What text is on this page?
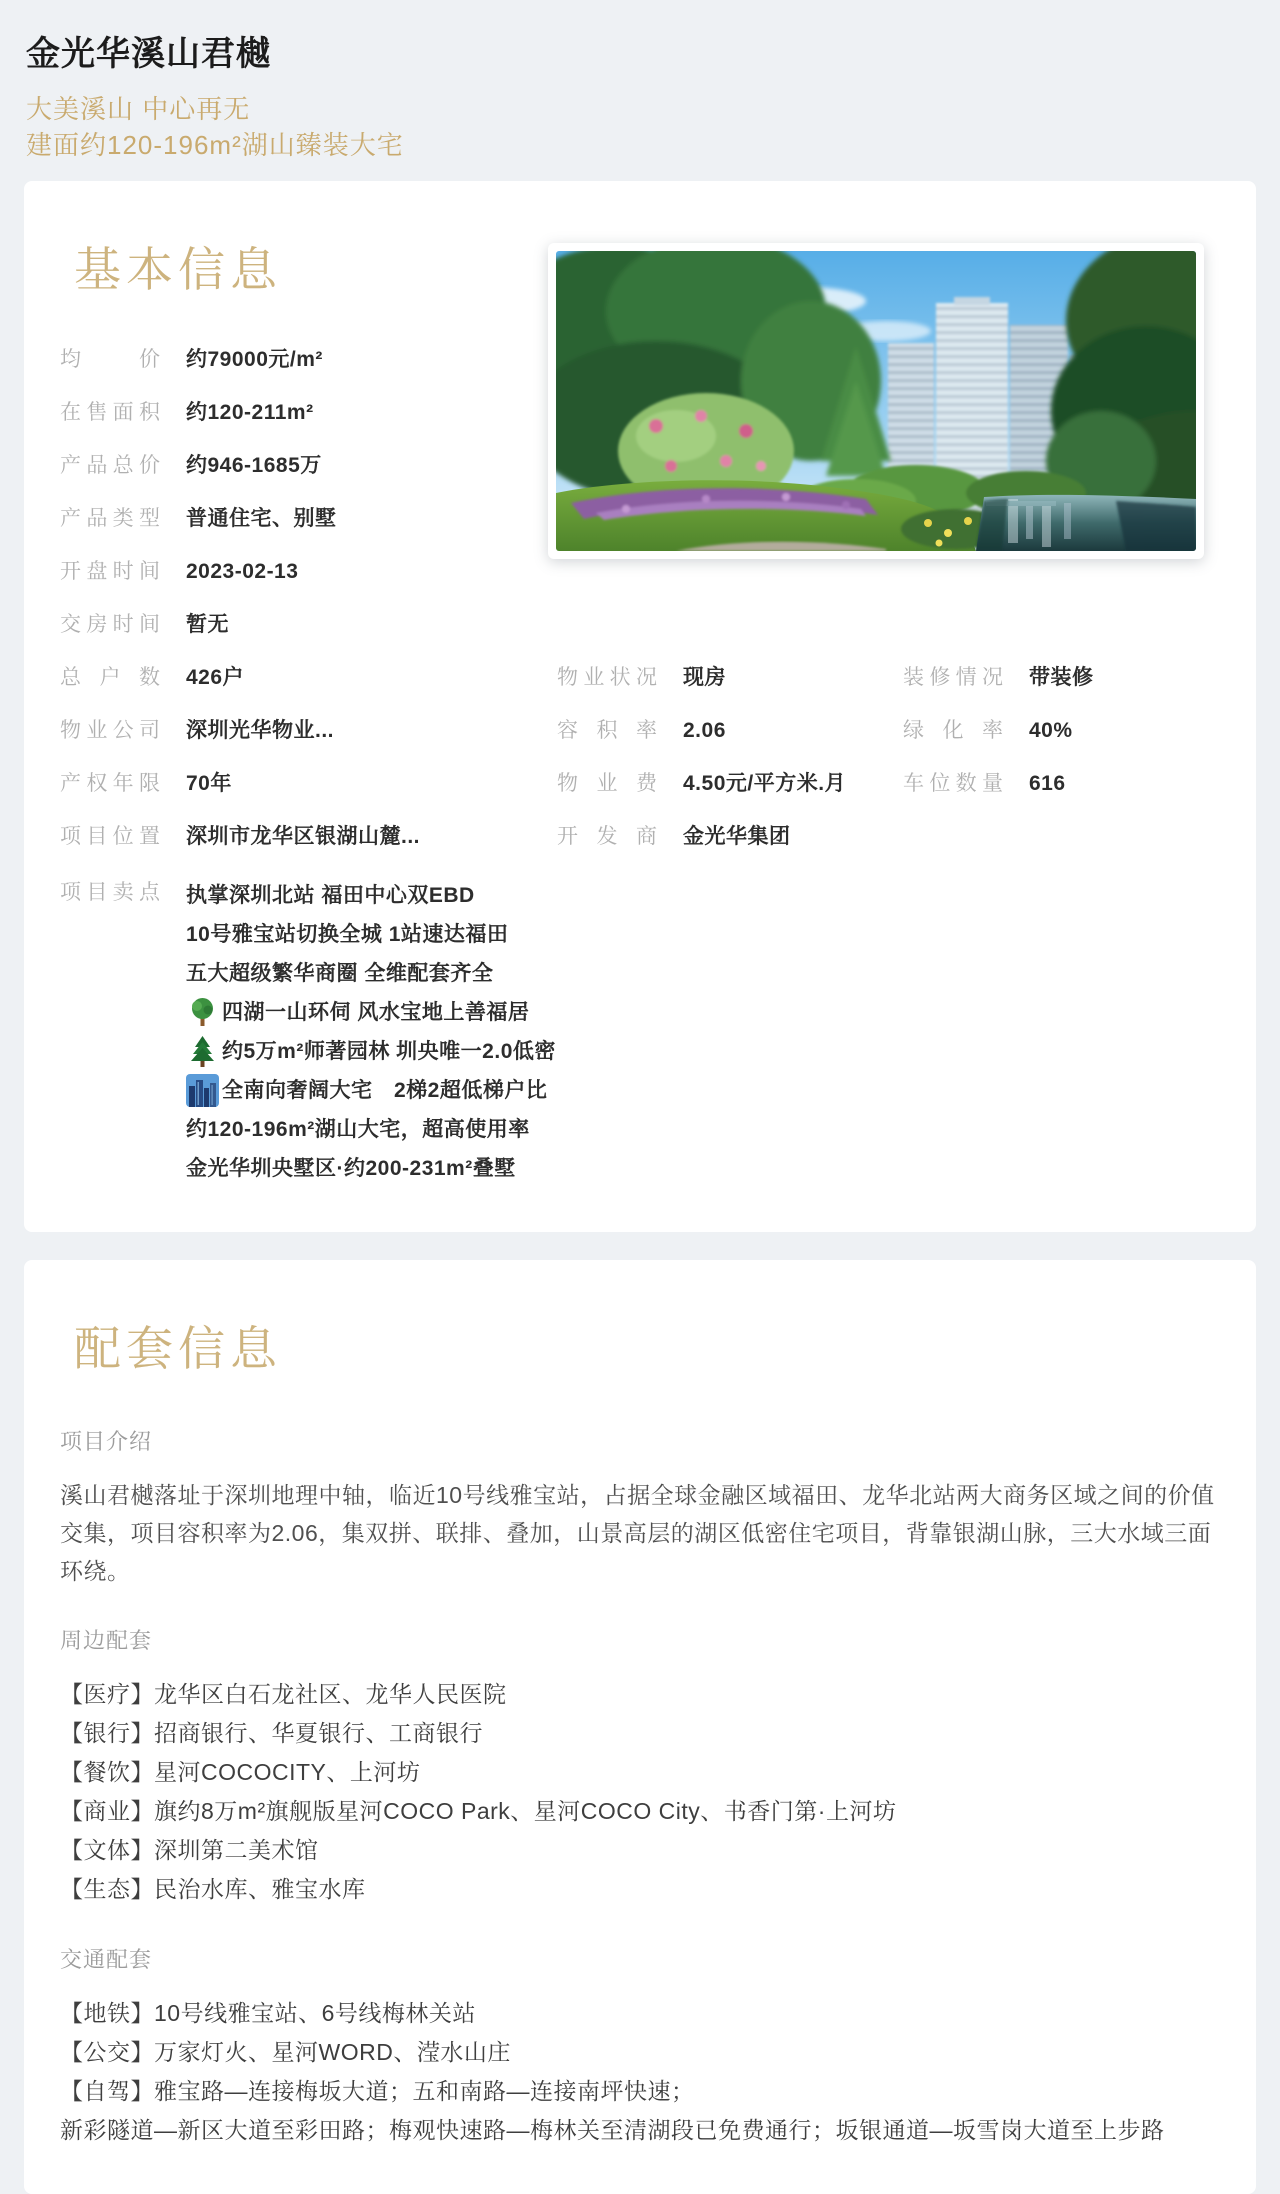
金光华溪山君樾
大美溪山 中心再无
建面约120-196m²湖山臻装大宅
基本信息
均价 约79000元/m²
在售面积 约120-211m²
产品总价 约946-1685万
产品类型 普通住宅、别墅
开盘时间 2023-02-13
交房时间 暂无
总户数 426户	物业状况 现房	装修情况 带装修
物业公司 深圳光华物业...	容积率 2.06	绿化率 40%
产权年限 70年	物业费 4.50元/平方米.月	车位数量 616
项目位置 深圳市龙华区银湖山麓...	开发商 金光华集团
项目卖点 执掌深圳北站 福田中心双EBD
10号雅宝站切换全城 1站速达福田
五大超级繁华商圈 全维配套齐全
四湖一山环伺 风水宝地上善福居
约5万m²师著园林 圳央唯一2.0低密
全南向奢阔大宅　2梯2超低梯户比
约120-196m²湖山大宅，超高使用率
金光华圳央墅区·约200-231m²叠墅
配套信息
项目介绍

溪山君樾落址于深圳地理中轴，临近10号线雅宝站，占据全球金融区域福田、龙华北站两大商务区域之间的价值交集，项目容积率为2.06，集双拼、联排、叠加，山景高层的湖区低密住宅项目，背靠银湖山脉，三大水域三面环绕。

周边配套
【医疗】龙华区白石龙社区、龙华人民医院
【银行】招商银行、华夏银行、工商银行
【餐饮】星河COCOCITY、上河坊
【商业】旗约8万m²旗舰版星河COCO Park、星河COCO City、书香门第·上河坊
【文体】深圳第二美术馆
【生态】民治水库、雅宝水库
交通配套
【地铁】10号线雅宝站、6号线梅林关站
【公交】万家灯火、星河WORD、滢水山庄
【自驾】雅宝路—连接梅坂大道；五和南路—连接南坪快速；
新彩隧道—新区大道至彩田路；梅观快速路—梅林关至清湖段已免费通行；坂银通道—坂雪岗大道至上步路
